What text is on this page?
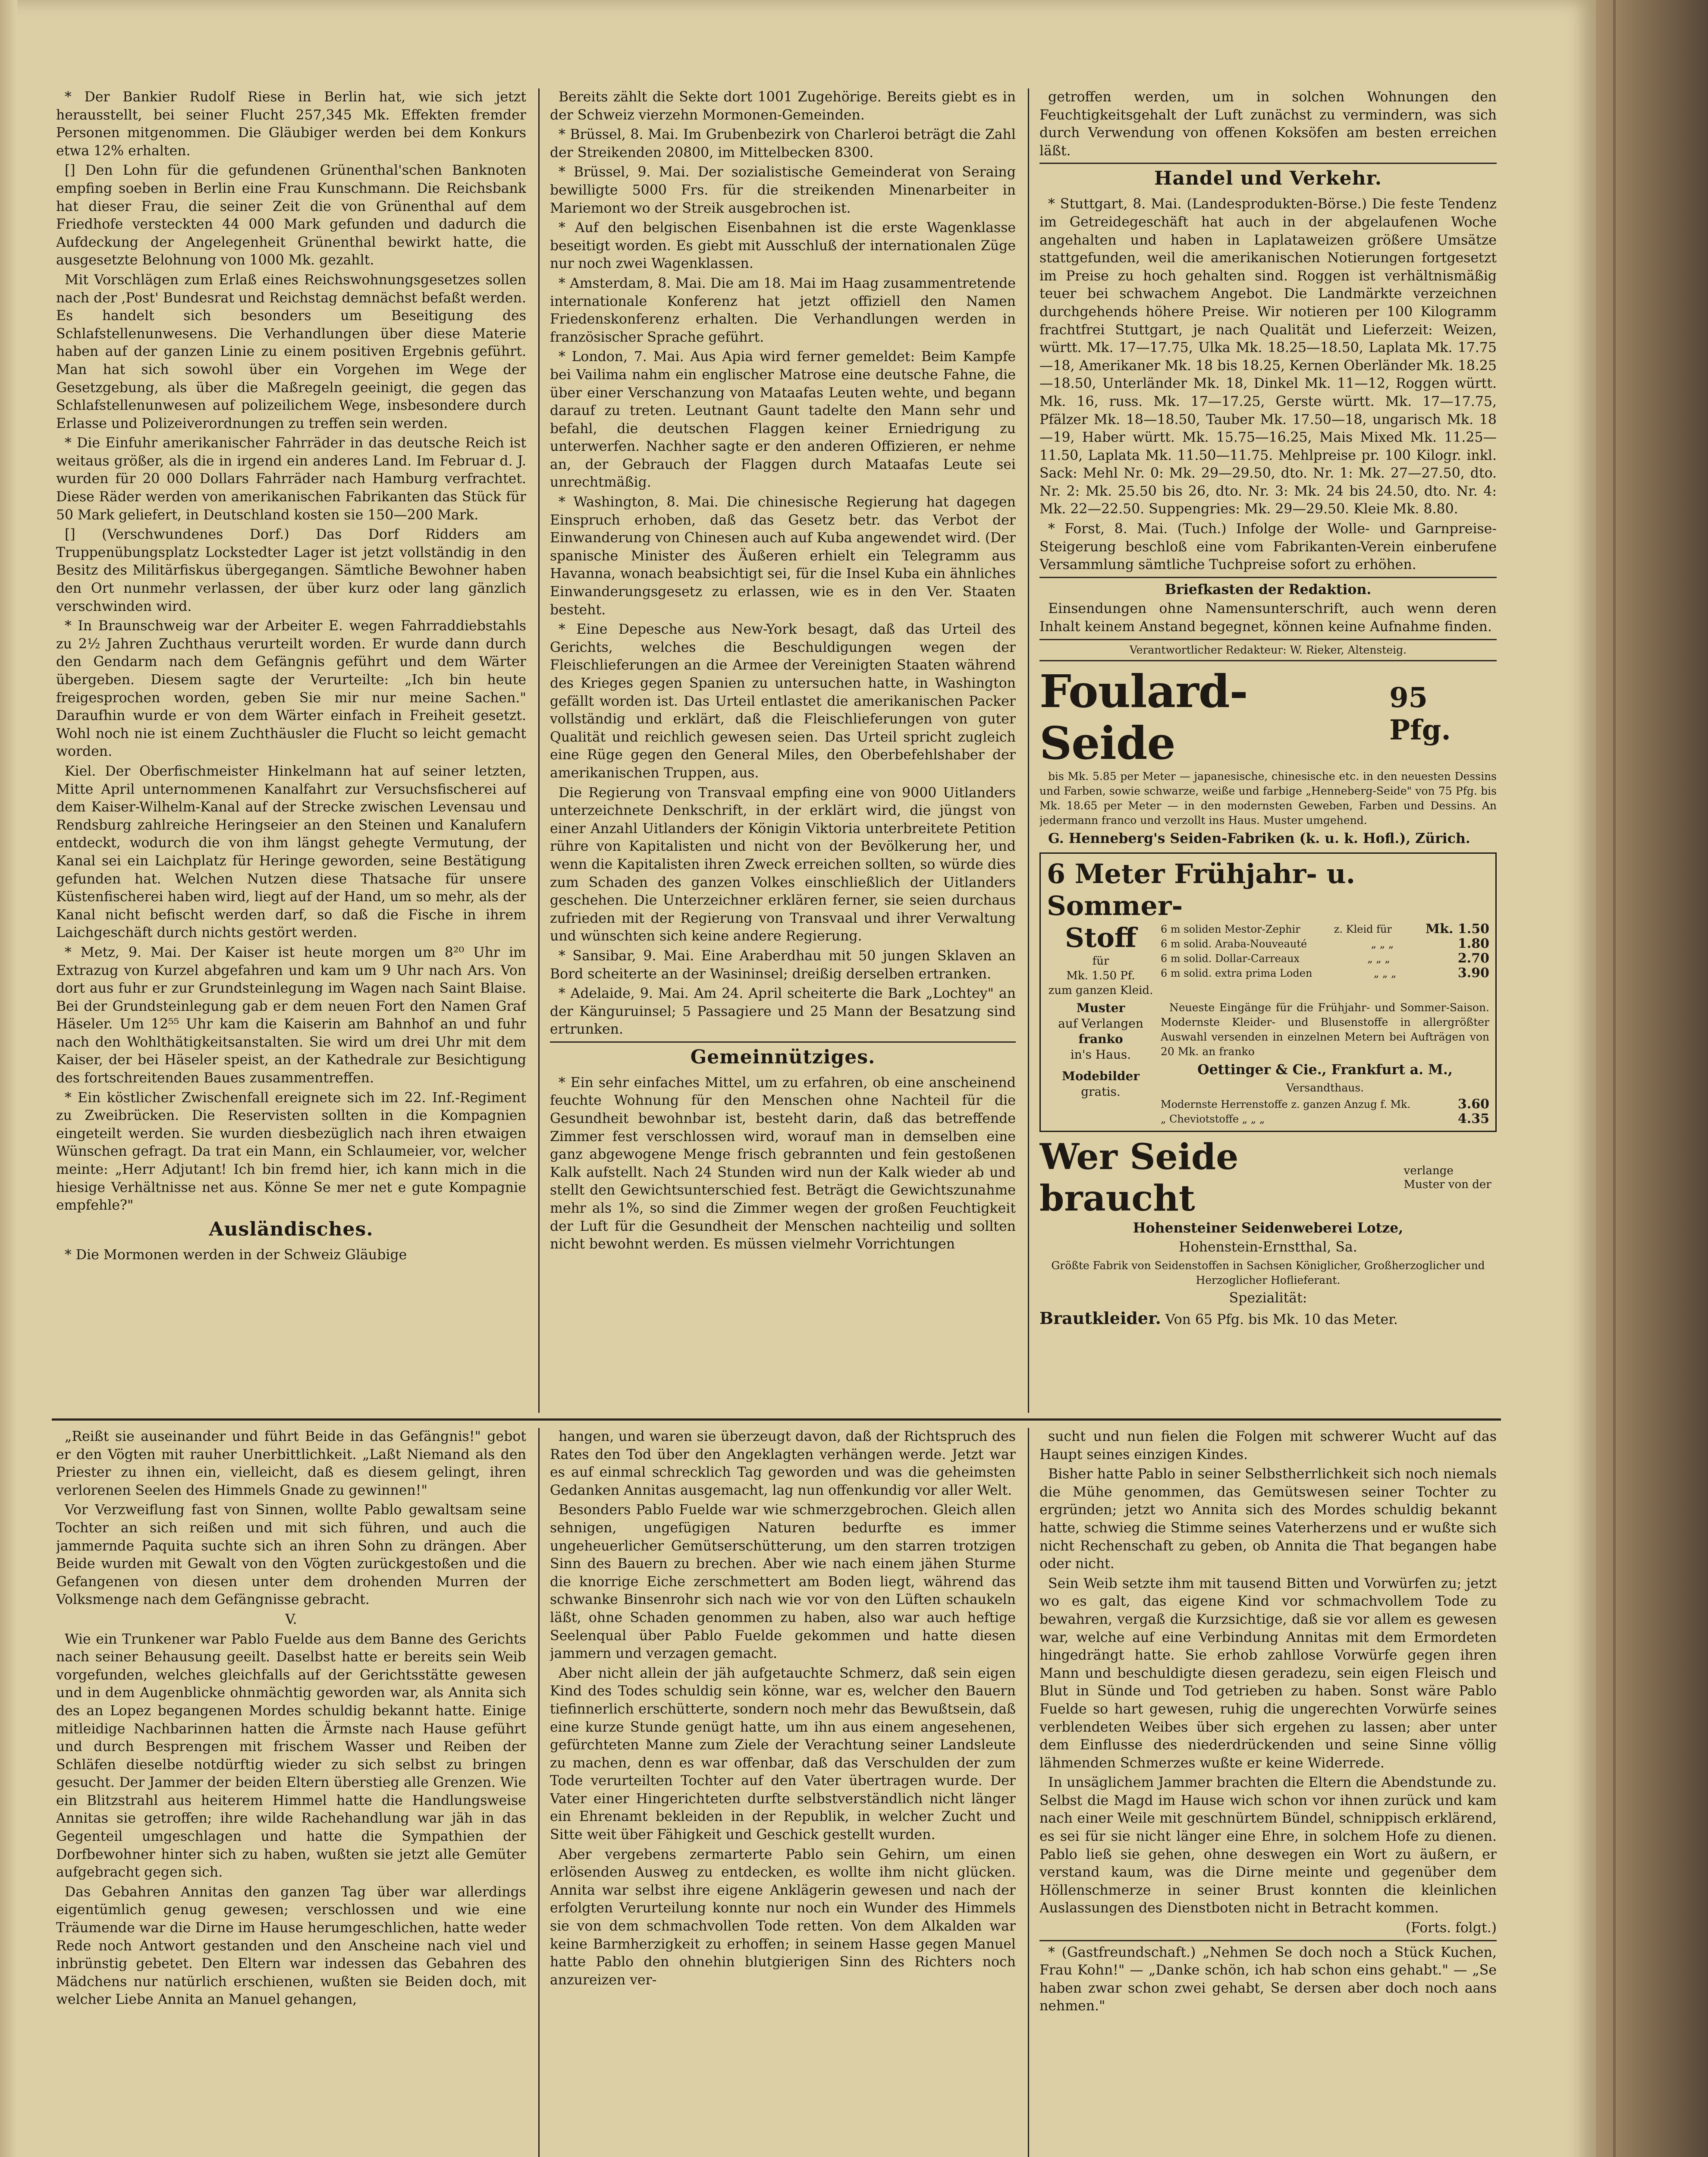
* Der Bankier Rudolf Riese in Berlin hat, wie sich jetzt herausstellt, bei seiner Flucht 257,345 Mk. Effekten fremder Personen mitgenommen. Die Gläubiger werden bei dem Konkurs etwa 12% erhalten.

[] Den Lohn für die gefundenen Grünenthal'schen Banknoten empfing soeben in Berlin eine Frau Kunschmann. Die Reichsbank hat dieser Frau, die seiner Zeit die von Grünenthal auf dem Friedhofe versteckten 44 000 Mark gefunden und dadurch die Aufdeckung der Angelegenheit Grünenthal bewirkt hatte, die ausgesetzte Belohnung von 1000 Mk. gezahlt.

Mit Vorschlägen zum Erlaß eines Reichswohnungsgesetzes sollen nach der ‚Post' Bundesrat und Reichstag demnächst befaßt werden. Es handelt sich besonders um Beseitigung des Schlafstellenunwesens. Die Verhandlungen über diese Materie haben auf der ganzen Linie zu einem positiven Ergebnis geführt. Man hat sich sowohl über ein Vorgehen im Wege der Gesetzgebung, als über die Maßregeln geeinigt, die gegen das Schlafstellenunwesen auf polizeilichem Wege, insbesondere durch Erlasse und Polizeiverordnungen zu treffen sein werden.

* Die Einfuhr amerikanischer Fahrräder in das deutsche Reich ist weitaus größer, als die in irgend ein anderes Land. Im Februar d. J. wurden für 20 000 Dollars Fahrräder nach Hamburg verfrachtet. Diese Räder werden von amerikanischen Fabrikanten das Stück für 50 Mark geliefert, in Deutschland kosten sie 150—200 Mark.

[] (Verschwundenes Dorf.) Das Dorf Ridders am Truppenübungsplatz Lockstedter Lager ist jetzt vollständig in den Besitz des Militärfiskus übergegangen. Sämtliche Bewohner haben den Ort nunmehr verlassen, der über kurz oder lang gänzlich verschwinden wird.

* In Braunschweig war der Arbeiter E. wegen Fahrraddiebstahls zu 2½ Jahren Zuchthaus verurteilt worden. Er wurde dann durch den Gendarm nach dem Gefängnis geführt und dem Wärter übergeben. Diesem sagte der Verurteilte: „Ich bin heute freigesprochen worden, geben Sie mir nur meine Sachen." Daraufhin wurde er von dem Wärter einfach in Freiheit gesetzt. Wohl noch nie ist einem Zuchthäusler die Flucht so leicht gemacht worden.

Kiel. Der Oberfischmeister Hinkelmann hat auf seiner letzten, Mitte April unternommenen Kanalfahrt zur Versuchsfischerei auf dem Kaiser-Wilhelm-Kanal auf der Strecke zwischen Levensau und Rendsburg zahlreiche Heringseier an den Steinen und Kanalufern entdeckt, wodurch die von ihm längst gehegte Vermutung, der Kanal sei ein Laichplatz für Heringe geworden, seine Bestätigung gefunden hat. Welchen Nutzen diese Thatsache für unsere Küstenfischerei haben wird, liegt auf der Hand, um so mehr, als der Kanal nicht befischt werden darf, so daß die Fische in ihrem Laichgeschäft durch nichts gestört werden.

* Metz, 9. Mai. Der Kaiser ist heute morgen um 8²⁰ Uhr im Extrazug von Kurzel abgefahren und kam um 9 Uhr nach Ars. Von dort aus fuhr er zur Grundsteinlegung im Wagen nach Saint Blaise. Bei der Grundsteinlegung gab er dem neuen Fort den Namen Graf Häseler. Um 12⁵⁵ Uhr kam die Kaiserin am Bahnhof an und fuhr nach den Wohlthätigkeitsanstalten. Sie wird um drei Uhr mit dem Kaiser, der bei Häseler speist, an der Kathedrale zur Besichtigung des fortschreitenden Baues zusammentreffen.

* Ein köstlicher Zwischenfall ereignete sich im 22. Inf.-Regiment zu Zweibrücken. Die Reservisten sollten in die Kompagnien eingeteilt werden. Sie wurden diesbezüglich nach ihren etwaigen Wünschen gefragt. Da trat ein Mann, ein Schlaumeier, vor, welcher meinte: „Herr Adjutant! Ich bin fremd hier, ich kann mich in die hiesige Verhältnisse net aus. Könne Se mer net e gute Kompagnie empfehle?"

Ausländisches.

* Die Mormonen werden in der Schweiz Gläubige

Bereits zählt die Sekte dort 1001 Zugehörige. Bereits giebt es in der Schweiz vierzehn Mormonen-Gemeinden.

* Brüssel, 8. Mai. Im Grubenbezirk von Charleroi beträgt die Zahl der Streikenden 20800, im Mittelbecken 8300.

* Brüssel, 9. Mai. Der sozialistische Gemeinderat von Seraing bewilligte 5000 Frs. für die streikenden Minenarbeiter in Mariemont wo der Streik ausgebrochen ist.

* Auf den belgischen Eisenbahnen ist die erste Wagenklasse beseitigt worden. Es giebt mit Ausschluß der internationalen Züge nur noch zwei Wagenklassen.

* Amsterdam, 8. Mai. Die am 18. Mai im Haag zusammentretende internationale Konferenz hat jetzt offiziell den Namen Friedenskonferenz erhalten. Die Verhandlungen werden in französischer Sprache geführt.

* London, 7. Mai. Aus Apia wird ferner gemeldet: Beim Kampfe bei Vailima nahm ein englischer Matrose eine deutsche Fahne, die über einer Verschanzung von Mataafas Leuten wehte, und begann darauf zu treten. Leutnant Gaunt tadelte den Mann sehr und befahl, die deutschen Flaggen keiner Erniedrigung zu unterwerfen. Nachher sagte er den anderen Offizieren, er nehme an, der Gebrauch der Flaggen durch Mataafas Leute sei unrechtmäßig.

* Washington, 8. Mai. Die chinesische Regierung hat dagegen Einspruch erhoben, daß das Gesetz betr. das Verbot der Einwanderung von Chinesen auch auf Kuba angewendet wird. (Der spanische Minister des Äußeren erhielt ein Telegramm aus Havanna, wonach beabsichtigt sei, für die Insel Kuba ein ähnliches Einwanderungsgesetz zu erlassen, wie es in den Ver. Staaten besteht.

* Eine Depesche aus New-York besagt, daß das Urteil des Gerichts, welches die Beschuldigungen wegen der Fleischlieferungen an die Armee der Vereinigten Staaten während des Krieges gegen Spanien zu untersuchen hatte, in Washington gefällt worden ist. Das Urteil entlastet die amerikanischen Packer vollständig und erklärt, daß die Fleischlieferungen von guter Qualität und reichlich gewesen seien. Das Urteil spricht zugleich eine Rüge gegen den General Miles, den Oberbefehlshaber der amerikanischen Truppen, aus.

Die Regierung von Transvaal empfing eine von 9000 Uitlanders unterzeichnete Denkschrift, in der erklärt wird, die jüngst von einer Anzahl Uitlanders der Königin Viktoria unterbreitete Petition rühre von Kapitalisten und nicht von der Bevölkerung her, und wenn die Kapitalisten ihren Zweck erreichen sollten, so würde dies zum Schaden des ganzen Volkes einschließlich der Uitlanders geschehen. Die Unterzeichner erklären ferner, sie seien durchaus zufrieden mit der Regierung von Transvaal und ihrer Verwaltung und wünschten sich keine andere Regierung.

* Sansibar, 9. Mai. Eine Araberdhau mit 50 jungen Sklaven an Bord scheiterte an der Wasininsel; dreißig derselben ertranken.

* Adelaide, 9. Mai. Am 24. April scheiterte die Bark „Lochtey" an der Känguruinsel; 5 Passagiere und 25 Mann der Besatzung sind ertrunken.

Gemeinnütziges.

* Ein sehr einfaches Mittel, um zu erfahren, ob eine anscheinend feuchte Wohnung für den Menschen ohne Nachteil für die Gesundheit bewohnbar ist, besteht darin, daß das betreffende Zimmer fest verschlossen wird, worauf man in demselben eine ganz abgewogene Menge frisch gebrannten und fein gestoßenen Kalk aufstellt. Nach 24 Stunden wird nun der Kalk wieder ab und stellt den Gewichtsunterschied fest. Beträgt die Gewichtszunahme mehr als 1%, so sind die Zimmer wegen der großen Feuchtigkeit der Luft für die Gesundheit der Menschen nachteilig und sollten nicht bewohnt werden. Es müssen vielmehr Vorrichtungen

getroffen werden, um in solchen Wohnungen den Feuchtigkeitsgehalt der Luft zunächst zu vermindern, was sich durch Verwendung von offenen Koksöfen am besten erreichen läßt.

Handel und Verkehr.

* Stuttgart, 8. Mai. (Landesprodukten-Börse.) Die feste Tendenz im Getreidegeschäft hat auch in der abgelaufenen Woche angehalten und haben in Laplataweizen größere Umsätze stattgefunden, weil die amerikanischen Notierungen fortgesetzt im Preise zu hoch gehalten sind. Roggen ist verhältnismäßig teuer bei schwachem Angebot. Die Landmärkte verzeichnen durchgehends höhere Preise. Wir notieren per 100 Kilogramm frachtfrei Stuttgart, je nach Qualität und Lieferzeit: Weizen, württ. Mk. 17—17.75, Ulka Mk. 18.25—18.50, Laplata Mk. 17.75—18, Amerikaner Mk. 18 bis 18.25, Kernen Oberländer Mk. 18.25—18.50, Unterländer Mk. 18, Dinkel Mk. 11—12, Roggen württ. Mk. 16, russ. Mk. 17—17.25, Gerste württ. Mk. 17—17.75, Pfälzer Mk. 18—18.50, Tauber Mk. 17.50—18, ungarisch Mk. 18—19, Haber württ. Mk. 15.75—16.25, Mais Mixed Mk. 11.25—11.50, Laplata Mk. 11.50—11.75. Mehlpreise pr. 100 Kilogr. inkl. Sack: Mehl Nr. 0: Mk. 29—29.50, dto. Nr. 1: Mk. 27—27.50, dto. Nr. 2: Mk. 25.50 bis 26, dto. Nr. 3: Mk. 24 bis 24.50, dto. Nr. 4: Mk. 22—22.50. Suppengries: Mk. 29—29.50. Kleie Mk. 8.80.

* Forst, 8. Mai. (Tuch.) Infolge der Wolle- und Garnpreise-Steigerung beschloß eine vom Fabrikanten-Verein einberufene Versammlung sämtliche Tuchpreise sofort zu erhöhen.

Briefkasten der Redaktion.

Einsendungen ohne Namensunterschrift, auch wenn deren Inhalt keinem Anstand begegnet, können keine Aufnahme finden.

Verantwortlicher Redakteur: W. Rieker, Altensteig.

Foulard-Seide
95 Pfg.

bis Mk. 5.85 per Meter — japanesische, chinesische etc. in den neuesten Dessins und Farben, sowie schwarze, weiße und farbige „Henneberg-Seide" von 75 Pfg. bis Mk. 18.65 per Meter — in den modernsten Geweben, Farben und Dessins. An jedermann franco und verzollt ins Haus. Muster umgehend.

G. Henneberg's Seiden-Fabriken (k. u. k. Hofl.), Zürich.

6 Meter Frühjahr- u. Sommer-
Stoff
für
Mk. 1.50 Pf.
zum ganzen Kleid.
6 m soliden Mestor-Zephir	z. Kleid für	Mk. 1.50
6 m solid. Araba-Nouveauté	„ „ „	1.80
6 m solid. Dollar-Carreaux	„ „ „	2.70
6 m solid. extra prima Loden	„ „ „	3.90
Muster
auf Verlangen
franko
in's Haus.
Modebilder
gratis.

Neueste Eingänge für die Frühjahr- und Sommer-Saison. Modernste Kleider- und Blusenstoffe in allergrößter Auswahl versenden in einzelnen Metern bei Aufträgen von 20 Mk. an franko

Oettinger & Cie., Frankfurt a. M.,

Versandthaus.

Modernste Herrenstoffe z. ganzen Anzug f. Mk.	3.60
„ Cheviotstoffe „ „ „	4.35
Wer Seide braucht
verlange Muster von der

Hohensteiner Seidenweberei Lotze,

Hohenstein-Ernstthal, Sa.

Größte Fabrik von Seidenstoffen in Sachsen Königlicher, Großherzoglicher und Herzoglicher Hoflieferant.

Spezialität:

Brautkleider. Von 65 Pfg. bis Mk. 10 das Meter.

„Reißt sie auseinander und führt Beide in das Gefängnis!" gebot er den Vögten mit rauher Unerbittlichkeit. „Laßt Niemand als den Priester zu ihnen ein, vielleicht, daß es diesem gelingt, ihren verlorenen Seelen des Himmels Gnade zu gewinnen!"

Vor Verzweiflung fast von Sinnen, wollte Pablo gewaltsam seine Tochter an sich reißen und mit sich führen, und auch die jammernde Paquita suchte sich an ihren Sohn zu drängen. Aber Beide wurden mit Gewalt von den Vögten zurückgestoßen und die Gefangenen von diesen unter dem drohenden Murren der Volksmenge nach dem Gefängnisse gebracht.

V.

Wie ein Trunkener war Pablo Fuelde aus dem Banne des Gerichts nach seiner Behausung geeilt. Daselbst hatte er bereits sein Weib vorgefunden, welches gleichfalls auf der Gerichtsstätte gewesen und in dem Augenblicke ohnmächtig geworden war, als Annita sich des an Lopez begangenen Mordes schuldig bekannt hatte. Einige mitleidige Nachbarinnen hatten die Ärmste nach Hause geführt und durch Besprengen mit frischem Wasser und Reiben der Schläfen dieselbe notdürftig wieder zu sich selbst zu bringen gesucht. Der Jammer der beiden Eltern überstieg alle Grenzen. Wie ein Blitzstrahl aus heiterem Himmel hatte die Handlungsweise Annitas sie getroffen; ihre wilde Rachehandlung war jäh in das Gegenteil umgeschlagen und hatte die Sympathien der Dorfbewohner hinter sich zu haben, wußten sie jetzt alle Gemüter aufgebracht gegen sich.

Das Gebahren Annitas den ganzen Tag über war allerdings eigentümlich genug gewesen; verschlossen und wie eine Träumende war die Dirne im Hause herumgeschlichen, hatte weder Rede noch Antwort gestanden und den Anscheine nach viel und inbrünstig gebetet. Den Eltern war indessen das Gebahren des Mädchens nur natürlich erschienen, wußten sie Beiden doch, mit welcher Liebe Annita an Manuel gehangen,

hangen, und waren sie überzeugt davon, daß der Richtspruch des Rates den Tod über den Angeklagten verhängen werde. Jetzt war es auf einmal schrecklich Tag geworden und was die geheimsten Gedanken Annitas ausgemacht, lag nun offenkundig vor aller Welt.

Besonders Pablo Fuelde war wie schmerzgebrochen. Gleich allen sehnigen, ungefügigen Naturen bedurfte es immer ungeheuerlicher Gemütserschütterung, um den starren trotzigen Sinn des Bauern zu brechen. Aber wie nach einem jähen Sturme die knorrige Eiche zerschmettert am Boden liegt, während das schwanke Binsenrohr sich nach wie vor von den Lüften schaukeln läßt, ohne Schaden genommen zu haben, also war auch heftige Seelenqual über Pablo Fuelde gekommen und hatte diesen jammern und verzagen gemacht.

Aber nicht allein der jäh aufgetauchte Schmerz, daß sein eigen Kind des Todes schuldig sein könne, war es, welcher den Bauern tiefinnerlich erschütterte, sondern noch mehr das Bewußtsein, daß eine kurze Stunde genügt hatte, um ihn aus einem angesehenen, gefürchteten Manne zum Ziele der Verachtung seiner Landsleute zu machen, denn es war offenbar, daß das Verschulden der zum Tode verurteilten Tochter auf den Vater übertragen wurde. Der Vater einer Hingerichteten durfte selbstverständlich nicht länger ein Ehrenamt bekleiden in der Republik, in welcher Zucht und Sitte weit über Fähigkeit und Geschick gestellt wurden.

Aber vergebens zermarterte Pablo sein Gehirn, um einen erlösenden Ausweg zu entdecken, es wollte ihm nicht glücken. Annita war selbst ihre eigene Anklägerin gewesen und nach der erfolgten Verurteilung konnte nur noch ein Wunder des Himmels sie von dem schmachvollen Tode retten. Von dem Alkalden war keine Barmherzigkeit zu erhoffen; in seinem Hasse gegen Manuel hatte Pablo den ohnehin blutgierigen Sinn des Richters noch anzureizen ver-

sucht und nun fielen die Folgen mit schwerer Wucht auf das Haupt seines einzigen Kindes.

Bisher hatte Pablo in seiner Selbstherrlichkeit sich noch niemals die Mühe genommen, das Gemütswesen seiner Tochter zu ergründen; jetzt wo Annita sich des Mordes schuldig bekannt hatte, schwieg die Stimme seines Vaterherzens und er wußte sich nicht Rechenschaft zu geben, ob Annita die That begangen habe oder nicht.

Sein Weib setzte ihm mit tausend Bitten und Vorwürfen zu; jetzt wo es galt, das eigene Kind vor schmachvollem Tode zu bewahren, vergaß die Kurzsichtige, daß sie vor allem es gewesen war, welche auf eine Verbindung Annitas mit dem Ermordeten hingedrängt hatte. Sie erhob zahllose Vorwürfe gegen ihren Mann und beschuldigte diesen geradezu, sein eigen Fleisch und Blut in Sünde und Tod getrieben zu haben. Sonst wäre Pablo Fuelde so hart gewesen, ruhig die ungerechten Vorwürfe seines verblendeten Weibes über sich ergehen zu lassen; aber unter dem Einflusse des niederdrückenden und seine Sinne völlig lähmenden Schmerzes wußte er keine Widerrede.

In unsäglichem Jammer brachten die Eltern die Abendstunde zu. Selbst die Magd im Hause wich schon vor ihnen zurück und kam nach einer Weile mit geschnürtem Bündel, schnippisch erklärend, es sei für sie nicht länger eine Ehre, in solchem Hofe zu dienen. Pablo ließ sie gehen, ohne deswegen ein Wort zu äußern, er verstand kaum, was die Dirne meinte und gegenüber dem Höllenschmerze in seiner Brust konnten die kleinlichen Auslassungen des Dienstboten nicht in Betracht kommen.

(Forts. folgt.)

* (Gastfreundschaft.) „Nehmen Se doch noch a Stück Kuchen, Frau Kohn!" — „Danke schön, ich hab schon eins gehabt." — „Se haben zwar schon zwei gehabt, Se dersen aber doch noch aans nehmen."
